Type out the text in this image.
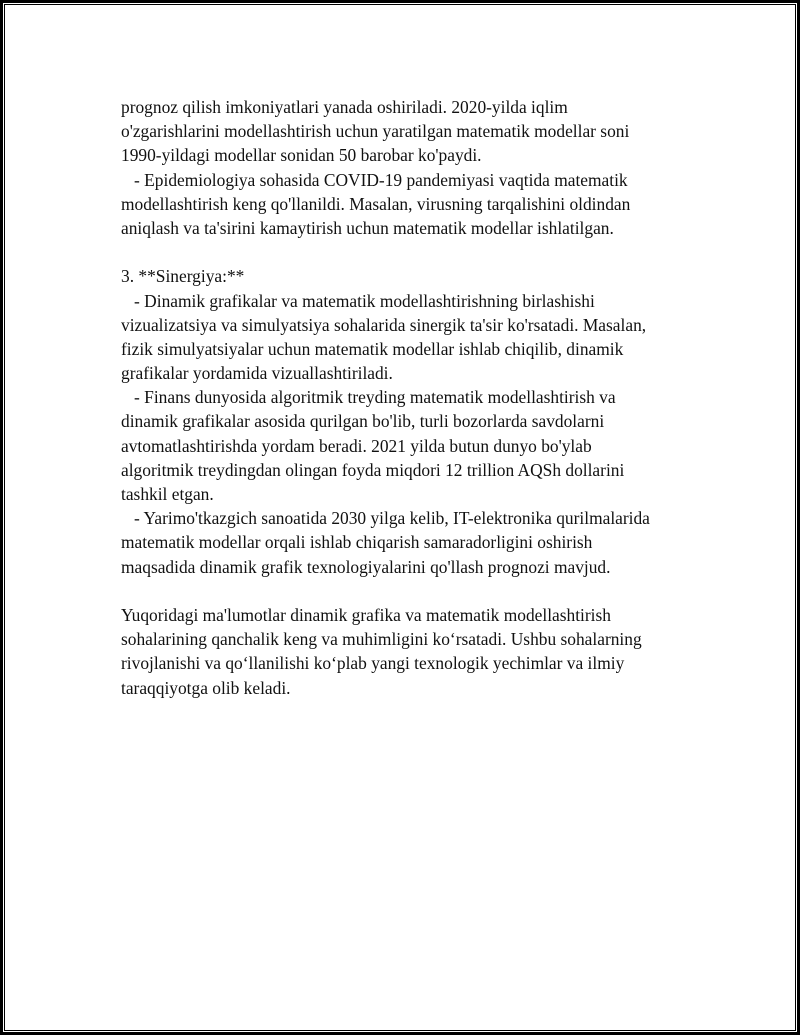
prognoz qilish imkoniyatlari yanada oshiriladi. 2020-yilda iqlim
o'zgarishlarini modellashtirish uchun yaratilgan matematik modellar soni
1990-yildagi modellar sonidan 50 barobar ko'paydi.
- Epidemiologiya sohasida COVID-19 pandemiyasi vaqtida matematik
modellashtirish keng qo'llanildi. Masalan, virusning tarqalishini oldindan
aniqlash va ta'sirini kamaytirish uchun matematik modellar ishlatilgan.
3. **Sinergiya:**
- Dinamik grafikalar va matematik modellashtirishning birlashishi
vizualizatsiya va simulyatsiya sohalarida sinergik ta'sir ko'rsatadi. Masalan,
fizik simulyatsiyalar uchun matematik modellar ishlab chiqilib, dinamik
grafikalar yordamida vizuallashtiriladi.
- Finans dunyosida algoritmik treyding matematik modellashtirish va
dinamik grafikalar asosida qurilgan bo'lib, turli bozorlarda savdolarni
avtomatlashtirishda yordam beradi. 2021 yilda butun dunyo bo'ylab
algoritmik treydingdan olingan foyda miqdori 12 trillion AQSh dollarini
tashkil etgan.
- Yarimo'tkazgich sanoatida 2030 yilga kelib, IT-elektronika qurilmalarida
matematik modellar orqali ishlab chiqarish samaradorligini oshirish
maqsadida dinamik grafik texnologiyalarini qo'llash prognozi mavjud.
Yuqoridagi ma'lumotlar dinamik grafika va matematik modellashtirish
sohalarining qanchalik keng va muhimligini ko‘rsatadi. Ushbu sohalarning
rivojlanishi va qo‘llanilishi ko‘plab yangi texnologik yechimlar va ilmiy
taraqqiyotga olib keladi.
